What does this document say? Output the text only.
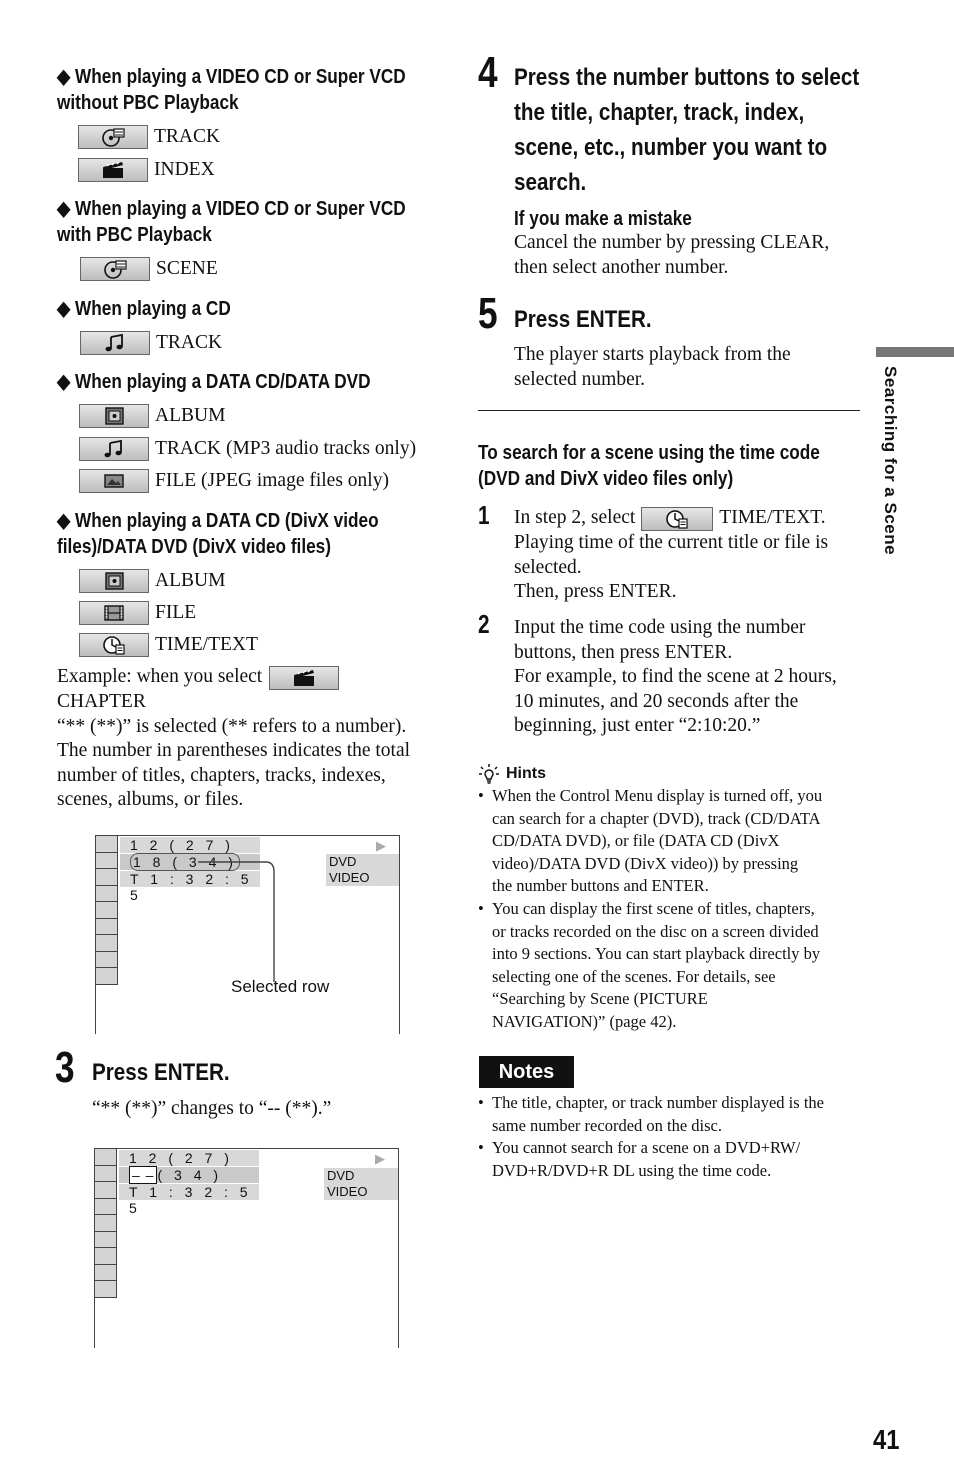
◆ When playing a VIDEO CD or Super VCD
without PBC Playback
TRACK
INDEX
◆ When playing a VIDEO CD or Super VCD
with PBC Playback
SCENE
◆ When playing a CD
TRACK
◆ When playing a DATA CD/DATA DVD
ALBUM
TRACK (MP3 audio tracks only)
FILE (JPEG image files only)
◆ When playing a DATA CD (DivX video
files)/DATA DVD (DivX video files)
ALBUM
FILE
TIME/TEXT
Example: when you select
CHAPTER
“** (**)” is selected (** refers to a number).
The number in parentheses indicates the total
number of titles, chapters, tracks, indexes,
scenes, albums, or files.
1 2 ( 2 7 )
1 8 ( 3 4 )
T 1 : 3 2 : 5 5
▶
DVD VIDEO
Selected row
3 Press ENTER.
“** (**)” changes to “-- (**).”
1 2 ( 2 7 )
– – ( 3 4 )
T 1 : 3 2 : 5 5
▶
DVD VIDEO
4 Press the number buttons to select
the title, chapter, track, index,
scene, etc., number you want to
search.
If you make a mistake
Cancel the number by pressing CLEAR,
then select another number.
5 Press ENTER.
The player starts playback from the
selected number.
To search for a scene using the time code
(DVD and DivX video files only)
1 In step 2, select	TIME/TEXT.
Playing time of the current title or file is
selected.
Then, press ENTER.
2 Input the time code using the number
buttons, then press ENTER.
For example, to find the scene at 2 hours,
10 minutes, and 20 seconds after the
beginning, just enter “2:10:20.”
Hints
• When the Control Menu display is turned off, you
can search for a chapter (DVD), track (CD/DATA
CD/DATA DVD), or file (DATA CD (DivX
video)/DATA DVD (DivX video)) by pressing
the number buttons and ENTER.
• You can display the first scene of titles, chapters,
or tracks recorded on the disc on a screen divided
into 9 sections. You can start playback directly by
selecting one of the scenes. For details, see
“Searching by Scene (PICTURE
NAVIGATION)” (page 42).
Notes
• The title, chapter, or track number displayed is the
same number recorded on the disc.
• You cannot search for a scene on a DVD+RW/
DVD+R/DVD+R DL using the time code.
Searching for a Scene
41
